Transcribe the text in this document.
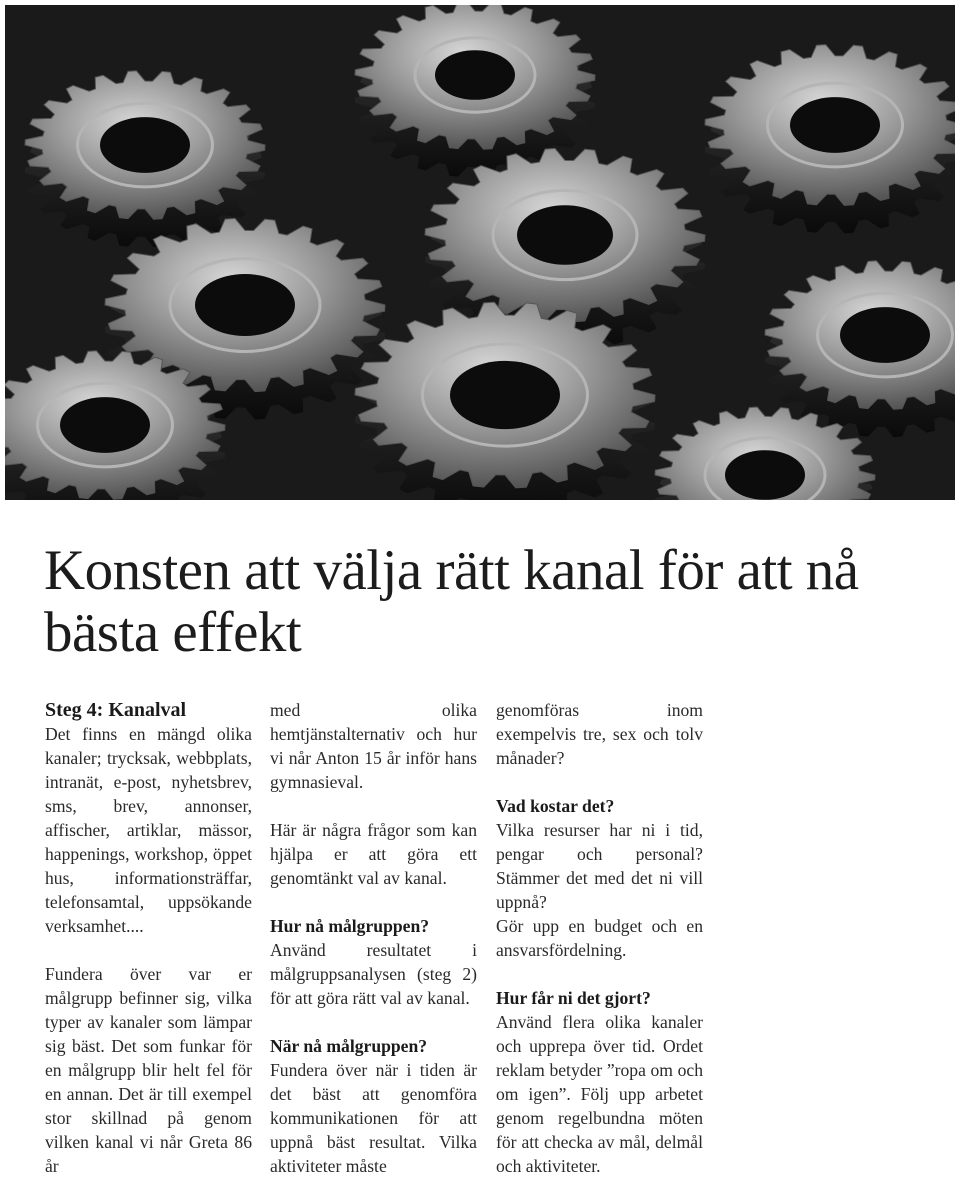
Konsten att välja rätt kanal för att nå bästa effekt

Steg 4: Kanalval

Det finns en mängd olika kanaler; trycksak, webbplats, intranät, e-post, nyhetsbrev, sms, brev, annonser, affischer, artiklar, mässor, happenings, workshop, öppet hus, informationsträffar, telefonsamtal, uppsökande verksamhet....

Fundera över var er målgrupp befinner sig, vilka typer av kanaler som lämpar sig bäst. Det som funkar för en målgrupp blir helt fel för en annan. Det är till exempel stor skillnad på genom vilken kanal vi når Greta 86 år

med olika hemtjänstalternativ och hur vi når Anton 15 år inför hans gymnasieval.

Här är några frågor som kan hjälpa er att göra ett genomtänkt val av kanal.

Hur nå målgruppen?

Använd resultatet i målgruppsanalysen (steg 2) för att göra rätt val av kanal.

När nå målgruppen?

Fundera över när i tiden är det bäst att genomföra kommunikationen för att uppnå bäst resultat. Vilka aktiviteter måste

genomföras inom exempelvis tre, sex och tolv månader?

Vad kostar det?

Vilka resurser har ni i tid, pengar och personal? Stämmer det med det ni vill uppnå?

Gör upp en budget och en ansvarsfördelning.

Hur får ni det gjort?

Använd flera olika kanaler och upprepa över tid. Ordet reklam betyder ”ropa om och om igen”. Följ upp arbetet genom regelbundna möten för att checka av mål, delmål och aktiviteter.
